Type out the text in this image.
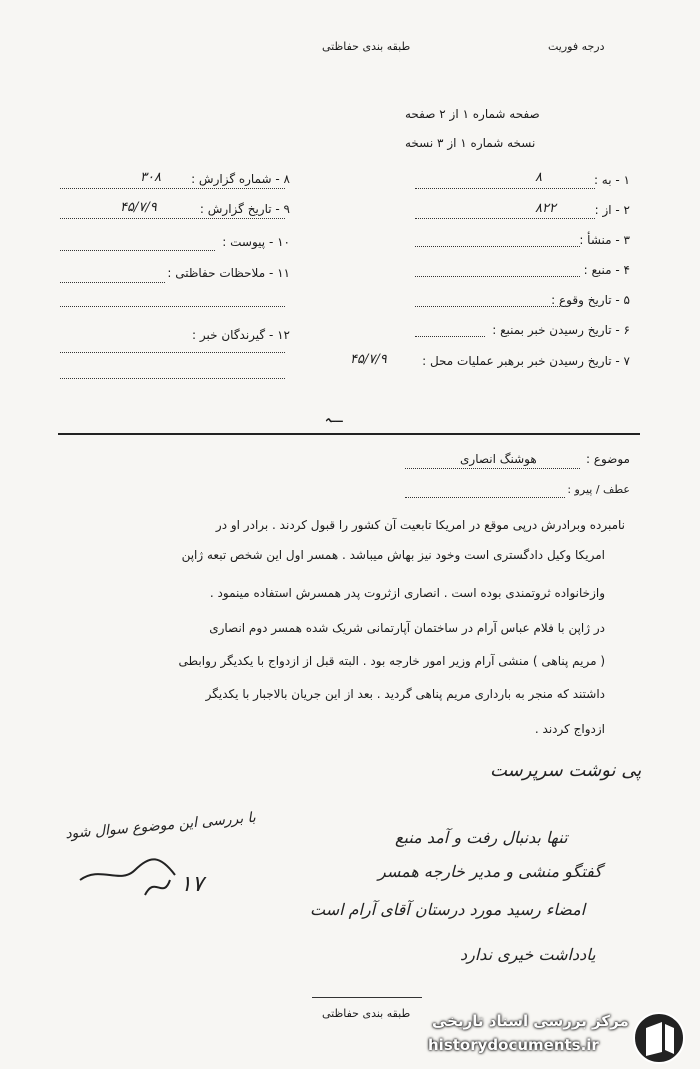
درجه فوریت
طبقه بندی حفاظتی
صفحه شماره ۱ از ۲ صفحه
نسخه شماره ۱ از ۳ نسخه
۸ - شماره گزارش :
۳۰۸
۹ - تاریخ گزارش :
۴۵/۷/۹
۱۰ - پیوست :
۱۱ - ملاحظات حفاظتی :
۱۲ - گیرندگان خبر :
۱ - به :
۸
۲ - از :
۸۲۲
۳ - منشأ :
۴ - منبع :
۵ - تاریخ وقوع :
۶ - تاریخ رسیدن خبر بمنبع :
۷ - تاریخ رسیدن خبر برهبر عملیات محل :
۴۵/۷/۹
ـــہ
موضوع :
هوشنگ انصاری
عطف / پیرو :
نامبرده وبرادرش درپی موقع در امریکا تابعیت آن کشور را قبول کردند . برادر او در
امریکا وکیل دادگستری است وخود نیز بهاش میباشد . همسر اول این شخص تبعه ژاپن
وازخانواده ثروتمندی بوده است . انصاری ازثروت پدر همسرش استفاده مینمود .
در ژاپن با فلام عباس آرام در ساختمان آپارتمانی شریک شده همسر دوم انصاری
( مریم پناهی ) منشی آرام وزیر امور خارجه بود . البته قبل از ازدواج با یکدیگر روابطی
داشتند که منجر به بارداری مریم پناهی گردید . بعد از این جریان بالاجبار با یکدیگر
ازدواج کردند .
پی نوشت سرپرست
با بررسی این موضوع سوال شود
۱۷
تنها بدنبال رفت و آمد منبع
گفتگو منشی و مدیر خارجه همسر
امضاء رسید مورد درستان آقای آرام است
یادداشت خیری ندارد
طبقه بندی حفاظتی مرکز بررسی اسناد تاریخی
historydocuments.ir
